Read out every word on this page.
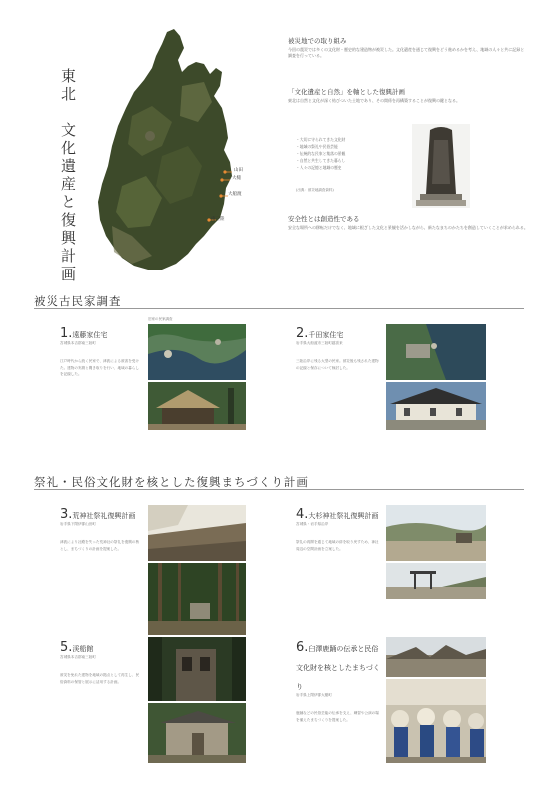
東北　文化遺産と復興計画	山田
大槌
大船渡
南三陸
被災地での取り組み
今回の震災では多くの文化財・歴史的な建造物が被災した。文化遺産を通じて復興をどう進めるかを考え、地域の人々と共に記録と調査を行っている。
「文化遺産と自然」を軸とした復興計画
東北は自然と文化が深く結びついた土地であり、その関係を再構築することが復興の鍵となる。
・大切に守られてきた文化財
・地域の祭礼や民俗芸能
・伝統的な民家と集落の景観
・自然と共生してきた暮らし
・人々の記憶と地域の歴史
(出典：被災地調査資料)
安全性とは創造性である
安全な場所への移転だけでなく、地域に根ざした文化と景観を活かしながら、新たなまちのかたちを創造していくことが求められる。
被災古民家調査
1.遠藤家住宅
宮城県本吉郡南三陸町
江戸時代から続く民家で、津波による被害を受けた。建物の実測と聞き取りを行い、地域の暮らしを記録した。
旧家の民家調査
2.千田家住宅
岩手県大船渡市三陸町越喜来
三陸沿岸に残る大型の民家。被災後も残された建物の記録と保存について検討した。
祭礼・民俗文化財を核とした復興まちづくり計画
3.荒神社祭礼復興計画
岩手県下閉伊郡山田町
津波により社殿を失った荒神社の祭礼を復興の核とし、まちづくりの計画を提案した。
4.大杉神社祭礼復興計画
宮城県・岩手県沿岸
祭礼の再開を通じて地域の絆を取り戻すため、神社周辺の空間計画を立案した。
5.渓船館
宮城県本吉郡南三陸町
被災を免れた建物を地域の拠点として再生し、民俗資料の保管と展示に活用する計画。
6.臼澤鹿踊の伝承と民俗文化財を核としたまちづくり
岩手県上閉伊郡大槌町
鹿踊などの民俗芸能の伝承を支え、練習や公演の場を備えたまちづくりを提案した。
